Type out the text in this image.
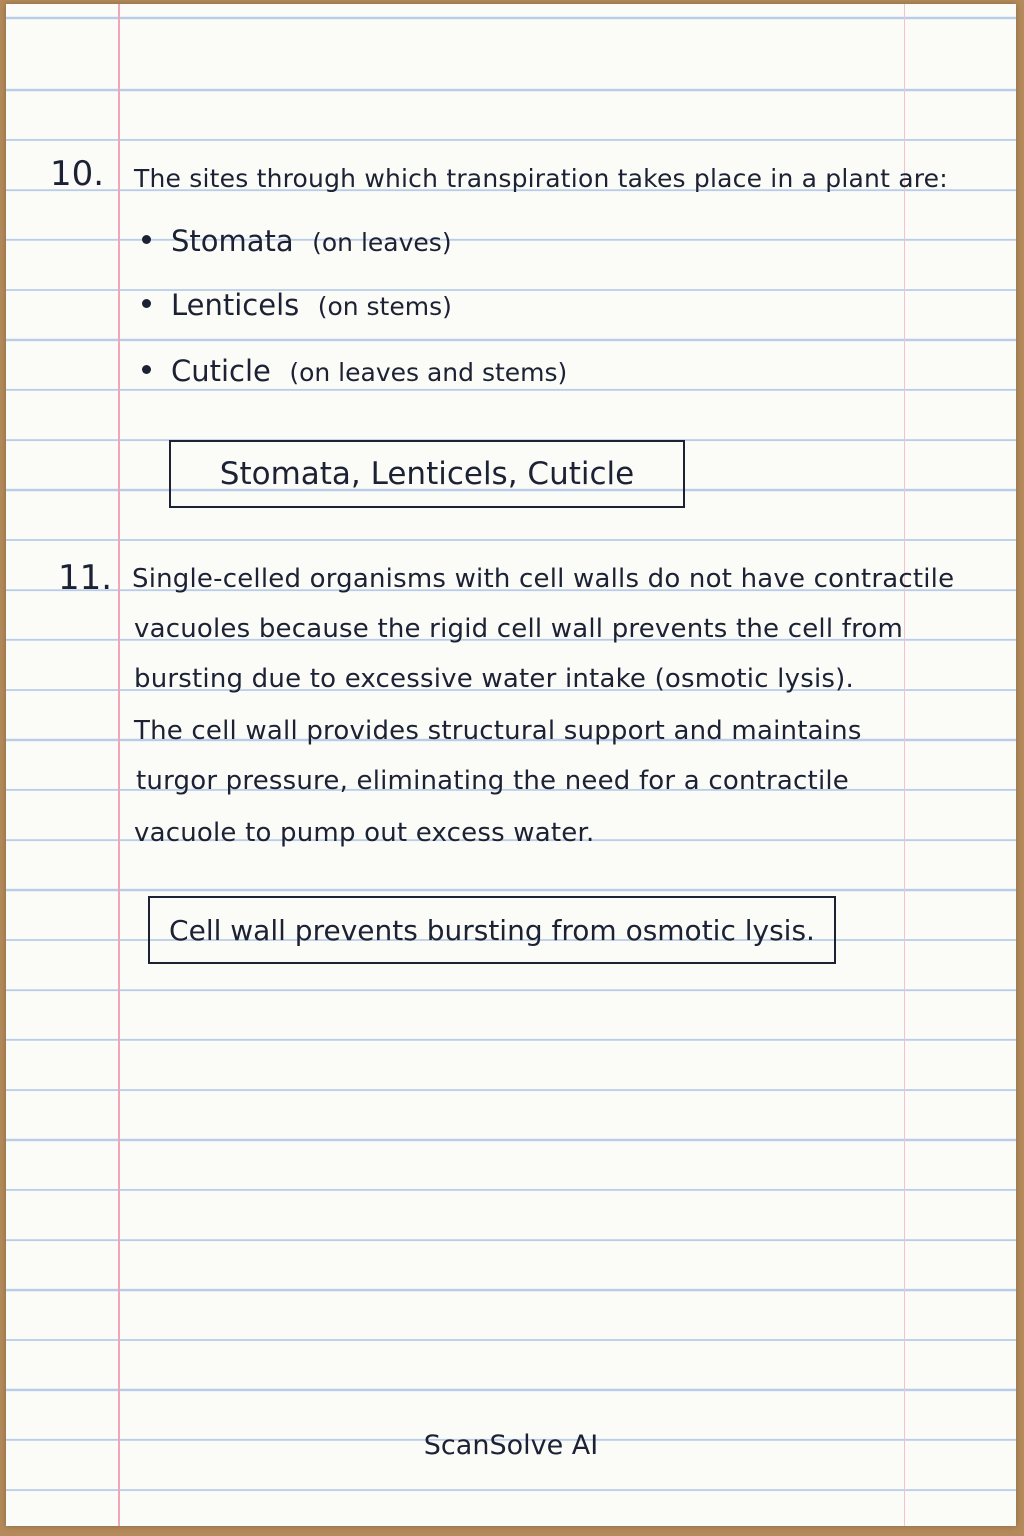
10. The sites through which transpiration takes place in a plant are:
Stomata (on leaves)
Lenticels (on stems)
Cuticle (on leaves and stems)
Stomata, Lenticels, Cuticle
11. Single-celled organisms with cell walls do not have contractile
vacuoles because the rigid cell wall prevents the cell from
bursting due to excessive water intake (osmotic lysis).
The cell wall provides structural support and maintains
turgor pressure, eliminating the need for a contractile
vacuole to pump out excess water.
Cell wall prevents bursting from osmotic lysis.
ScanSolve AI
